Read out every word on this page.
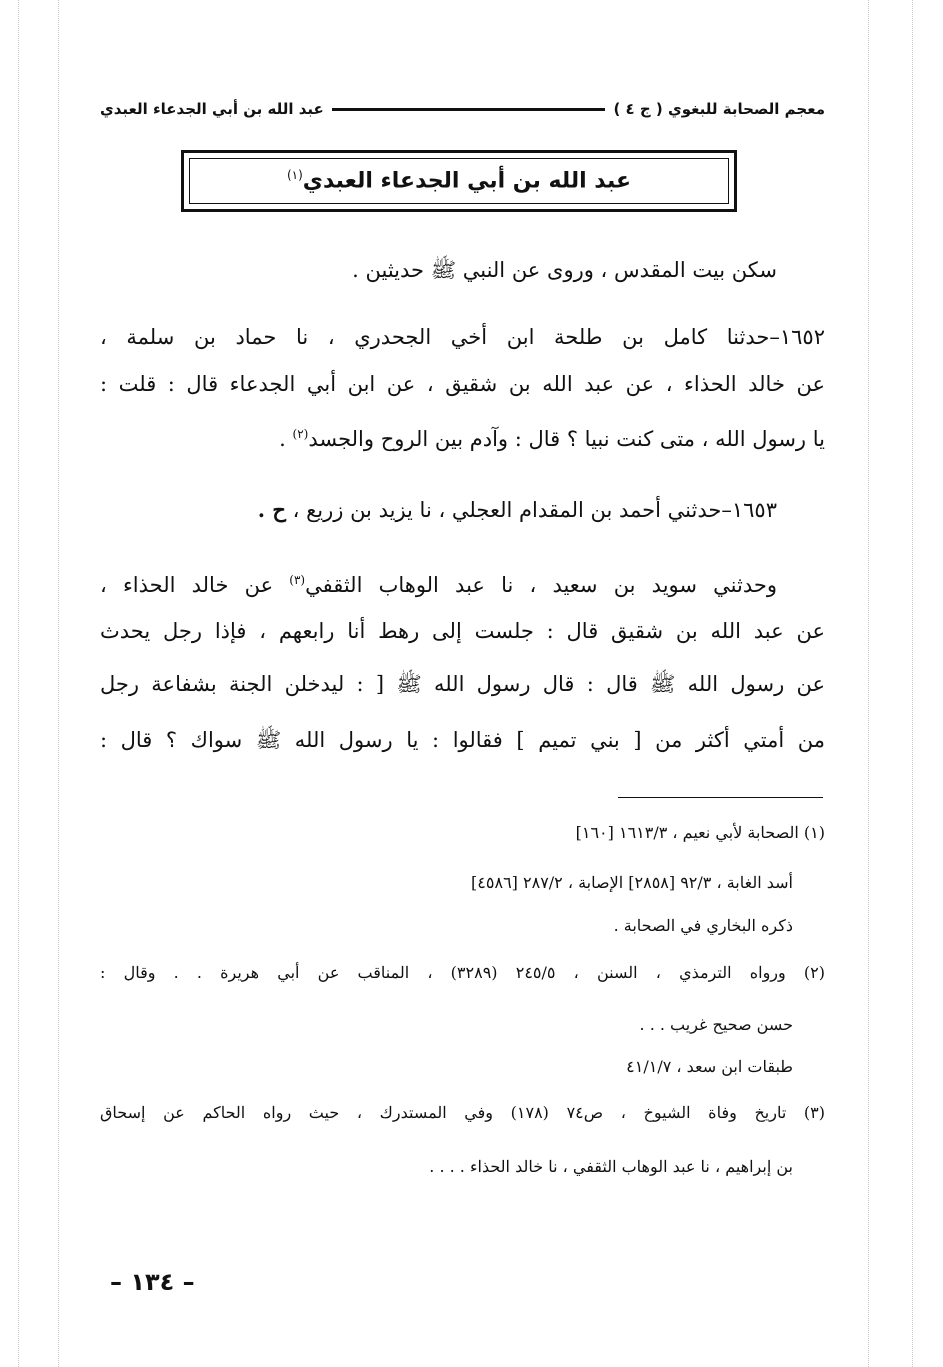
معجم الصحابة للبغوي ( ج ٤ )
عبد الله بن أبي الجدعاء العبدي
عبد الله بن أبي الجدعاء العبدي$^{(١)}$
سكن بيت المقدس ، وروى عن النبي ﷺ حديثين .
١٦٥٢–حدثنا كامل بن طلحة ابن أخي الجحدري ، نا حماد بن سلمة ،
عن خالد الحذاء ، عن عبد الله بن شقيق ، عن ابن أبي الجدعاء قال : قلت :
يا رسول الله ، متى كنت نبيا ؟ قال : وآدم بين الروح والجسد$^{(٢)}$ .
١٦٥٣–حدثني أحمد بن المقدام العجلي ، نا يزيد بن زريع ، ح .
وحدثني سويد بن سعيد ، نا عبد الوهاب الثقفي$^{(٣)}$ عن خالد الحذاء ،
عن عبد الله بن شقيق قال : جلست إلى رهط أنا رابعهم ، فإذا رجل يحدث
عن رسول الله ﷺ قال : قال رسول الله ﷺ [ : ليدخلن الجنة بشفاعة رجل
من أمتي أكثر من [ بني تميم ] فقالوا : يا رسول الله ﷺ سواك ؟ قال :
(١) الصحابة لأبي نعيم ، ١٦١٣/٣ [١٦٠]
أسد الغابة ، ٩٢/٣ [٢٨٥٨] الإصابة ، ٢٨٧/٢ [٤٥٨٦]
ذكره البخاري في الصحابة .
(٢) ورواه الترمذي ، السنن ، ٢٤٥/٥ (٣٢٨٩) ، المناقب عن أبي هريرة . . وقال :
حسن صحيح غريب . . .
طبقات ابن سعد ، ٤١/١/٧
(٣) تاريخ وفاة الشيوخ ، ص٧٤ (١٧٨) وفي المستدرك ، حيث رواه الحاكم عن إسحاق
بن إبراهيم ، نا عبد الوهاب الثقفي ، نا خالد الحذاء . . . .
– ١٣٤ –
